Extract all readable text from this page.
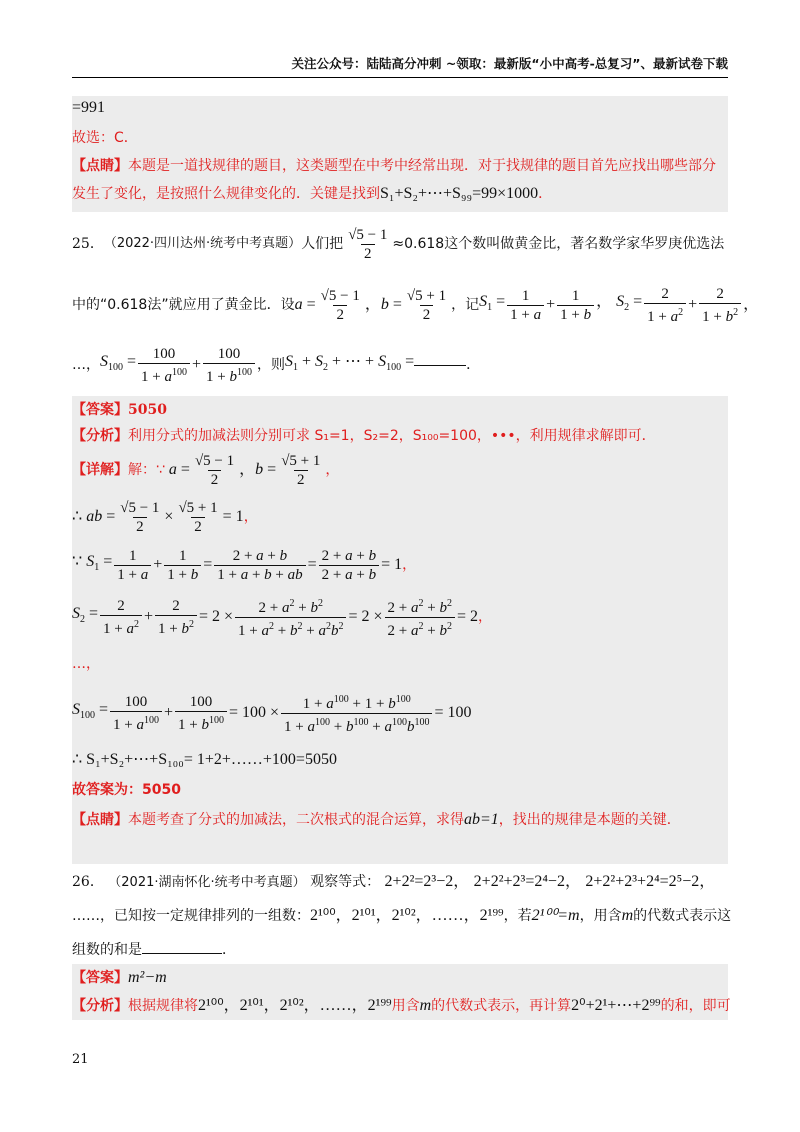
关注公众号：陆陆高分冲刺 ~领取：最新版“小中高考-总复习”、最新试卷下载
=991
故选：C．
【点睛】本题是一道找规律的题目，这类题型在中考中经常出现．对于找规律的题目首先应找出哪些部分
发生了变化，是按照什么规律变化的．关键是找到S₁+S₂+⋯+S₉₉=99×1000．
25． （2022·四川达州·统考中考真题） 人们把 $\frac{√5 - 1}{2} \approx 0.618$这个数叫做黄金比，著名数学家华罗庚优选法
中的“0.618法”就应用了黄金比．设 $a = \frac{√5 - 1}{2}$ ，$b = \frac{√5 + 1}{2}$ ，记 $S_1 = \frac{1}{1 + a} + \frac{1}{1 + b}$ ， $S_2 = \frac{2}{1 + a^2} + \frac{2}{1 + b^2}$ ，
…， $S_{100} = \frac{100}{1 + a^{100}} + \frac{100}{1 + b^{100}}$ ，则 $S_1 + S_2$ + ⋯ + $S_{100}$ =	．
【答案】5050
【分析】利用分式的加减法则分别可求 S₁=1，S₂=2，S₁₀₀=100，•••，利用规律求解即可．
【详解】 解：∵ $a = \frac{√5 - 1}{2}$ ，$b = \frac{√5 + 1}{2}$ ，
∴ ab = $\frac{√5 - 1}{2} \times \frac{√5 + 1}{2} = 1$ ，
∵ $S_1 = \frac{1}{1 + a} + \frac{1}{1 + b} = \frac{2 + a + b}{1 + a + b + ab} = \frac{2 + a + b}{2 + a + b} = 1$ ，
$S_2 = \frac{2}{1 + a^2} + \frac{2}{1 + b^2} = 2 \times \frac{2 + a^2 + b^2}{1 + a^2 + b^2 + a^2b^2} = 2 \times \frac{2 + a^2 + b^2}{2 + a^2 + b^2} = 2$ ，
…，
$S_{100} = \frac{100}{1 + a^{100}} + \frac{100}{1 + b^{100}} = 100 \times \frac{1 + a^{100} + 1 + b^{100}}{1 + a^{100} + b^{100} + a^{100}b^{100}} = 100$
∴ S₁+S₂+⋯+S₁₀₀= 1+2+……+100=5050
故答案为：5050
【点睛】本题考查了分式的加减法，二次根式的混合运算，求得ab=1，找出的规律是本题的关键．
26． （2021·湖南怀化·统考中考真题） 观察等式： 2+2²=2³−2， 2+2²+2³=2⁴−2， 2+2²+2³+2⁴=2⁵−2，
……，已知按一定规律排列的一组数：2¹⁰⁰，2¹⁰¹，2¹⁰²，……，2¹⁹⁹，若2¹⁰⁰=m，用含m的代数式表示这
组数的和是	．
【答案】m²−m
【分析】根据规律将2¹⁰⁰，2¹⁰¹，2¹⁰²，……，2¹⁹⁹用含m的代数式表示，再计算2⁰+2¹+⋯+2⁹⁹的和，即可
21
